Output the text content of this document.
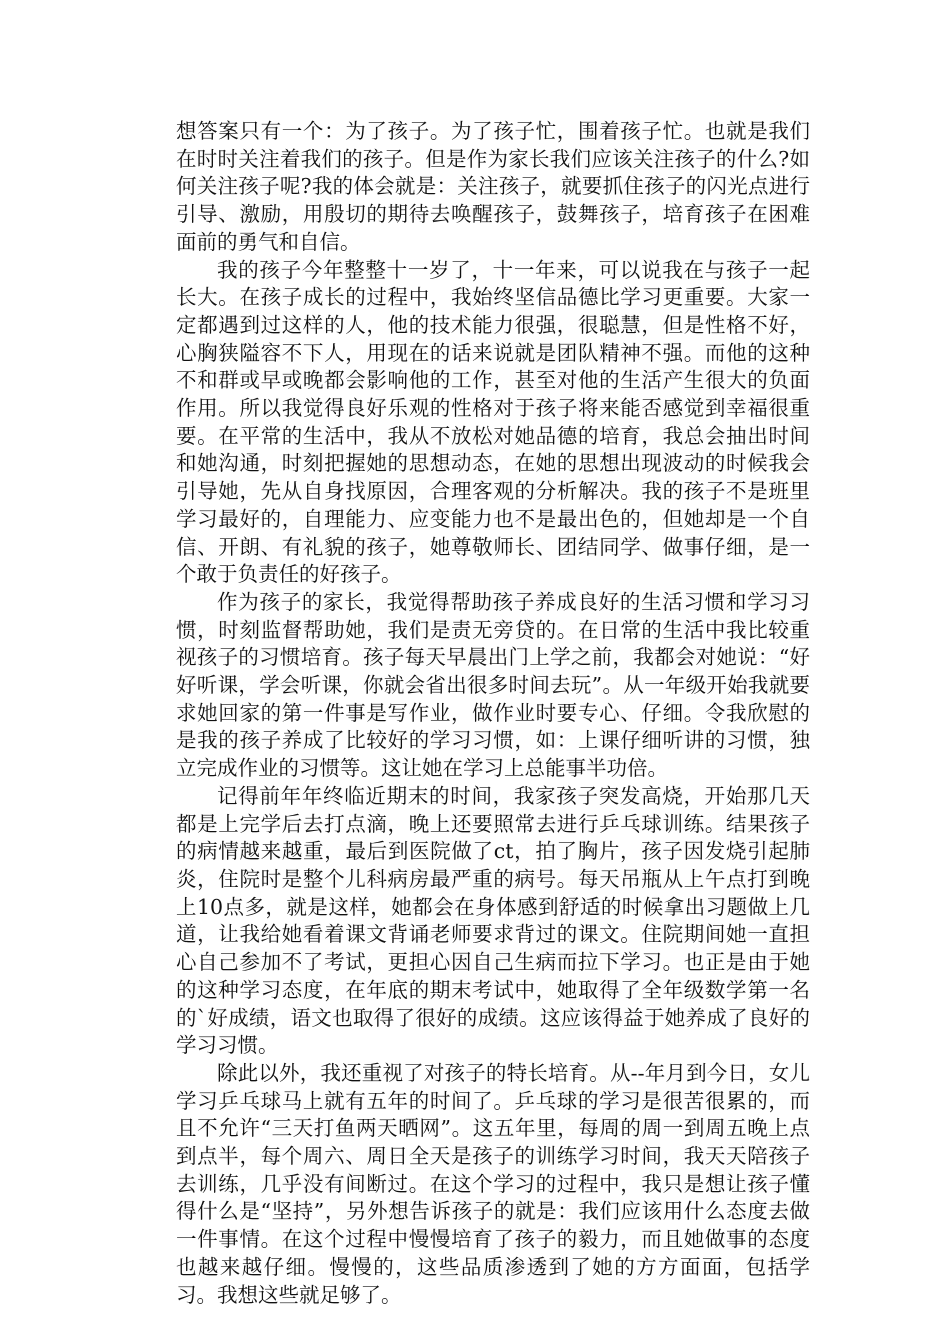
想答案只有一个：为了孩子。为了孩子忙，围着孩子忙。也就是我们在时时关注着我们的孩子。但是作为家长我们应该关注孩子的什么?如何关注孩子呢?我的体会就是：关注孩子，就要抓住孩子的闪光点进行引导、激励，用殷切的期待去唤醒孩子，鼓舞孩子，培育孩子在困难面前的勇气和自信。

我的孩子今年整整十一岁了，十一年来，可以说我在与孩子一起长大。在孩子成长的过程中，我始终坚信品德比学习更重要。大家一定都遇到过这样的人，他的技术能力很强，很聪慧，但是性格不好，心胸狭隘容不下人，用现在的话来说就是团队精神不强。而他的这种不和群或早或晚都会影响他的工作，甚至对他的生活产生很大的负面作用。所以我觉得良好乐观的性格对于孩子将来能否感觉到幸福很重要。在平常的生活中，我从不放松对她品德的培育，我总会抽出时间和她沟通，时刻把握她的思想动态，在她的思想出现波动的时候我会引导她，先从自身找原因，合理客观的分析解决。我的孩子不是班里学习最好的，自理能力、应变能力也不是最出色的，但她却是一个自信、开朗、有礼貌的孩子，她尊敬师长、团结同学、做事仔细，是一个敢于负责任的好孩子。

作为孩子的家长，我觉得帮助孩子养成良好的生活习惯和学习习惯，时刻监督帮助她，我们是责无旁贷的。在日常的生活中我比较重视孩子的习惯培育。孩子每天早晨出门上学之前，我都会对她说：“好好听课，学会听课，你就会省出很多时间去玩”。从一年级开始我就要求她回家的第一件事是写作业，做作业时要专心、仔细。令我欣慰的是我的孩子养成了比较好的学习习惯，如：上课仔细听讲的习惯，独立完成作业的习惯等。这让她在学习上总能事半功倍。

记得前年年终临近期末的时间，我家孩子突发高烧，开始那几天都是上完学后去打点滴，晚上还要照常去进行乒乓球训练。结果孩子的病情越来越重，最后到医院做了ct，拍了胸片，孩子因发烧引起肺炎，住院时是整个儿科病房最严重的病号。每天吊瓶从上午点打到晚上10点多，就是这样，她都会在身体感到舒适的时候拿出习题做上几道，让我给她看着课文背诵老师要求背过的课文。住院期间她一直担心自己参加不了考试，更担心因自己生病而拉下学习。也正是由于她的这种学习态度，在年底的期末考试中，她取得了全年级数学第一名的`好成绩，语文也取得了很好的成绩。这应该得益于她养成了良好的学习习惯。

除此以外，我还重视了对孩子的特长培育。从--年月到今日，女儿学习乒乓球马上就有五年的时间了。乒乓球的学习是很苦很累的，而且不允许“三天打鱼两天晒网”。这五年里，每周的周一到周五晚上点到点半，每个周六、周日全天是孩子的训练学习时间，我天天陪孩子去训练，几乎没有间断过。在这个学习的过程中，我只是想让孩子懂得什么是“坚持”，另外想告诉孩子的就是：我们应该用什么态度去做一件事情。在这个过程中慢慢培育了孩子的毅力，而且她做事的态度也越来越仔细。慢慢的，这些品质渗透到了她的方方面面，包括学习。我想这些就足够了。
